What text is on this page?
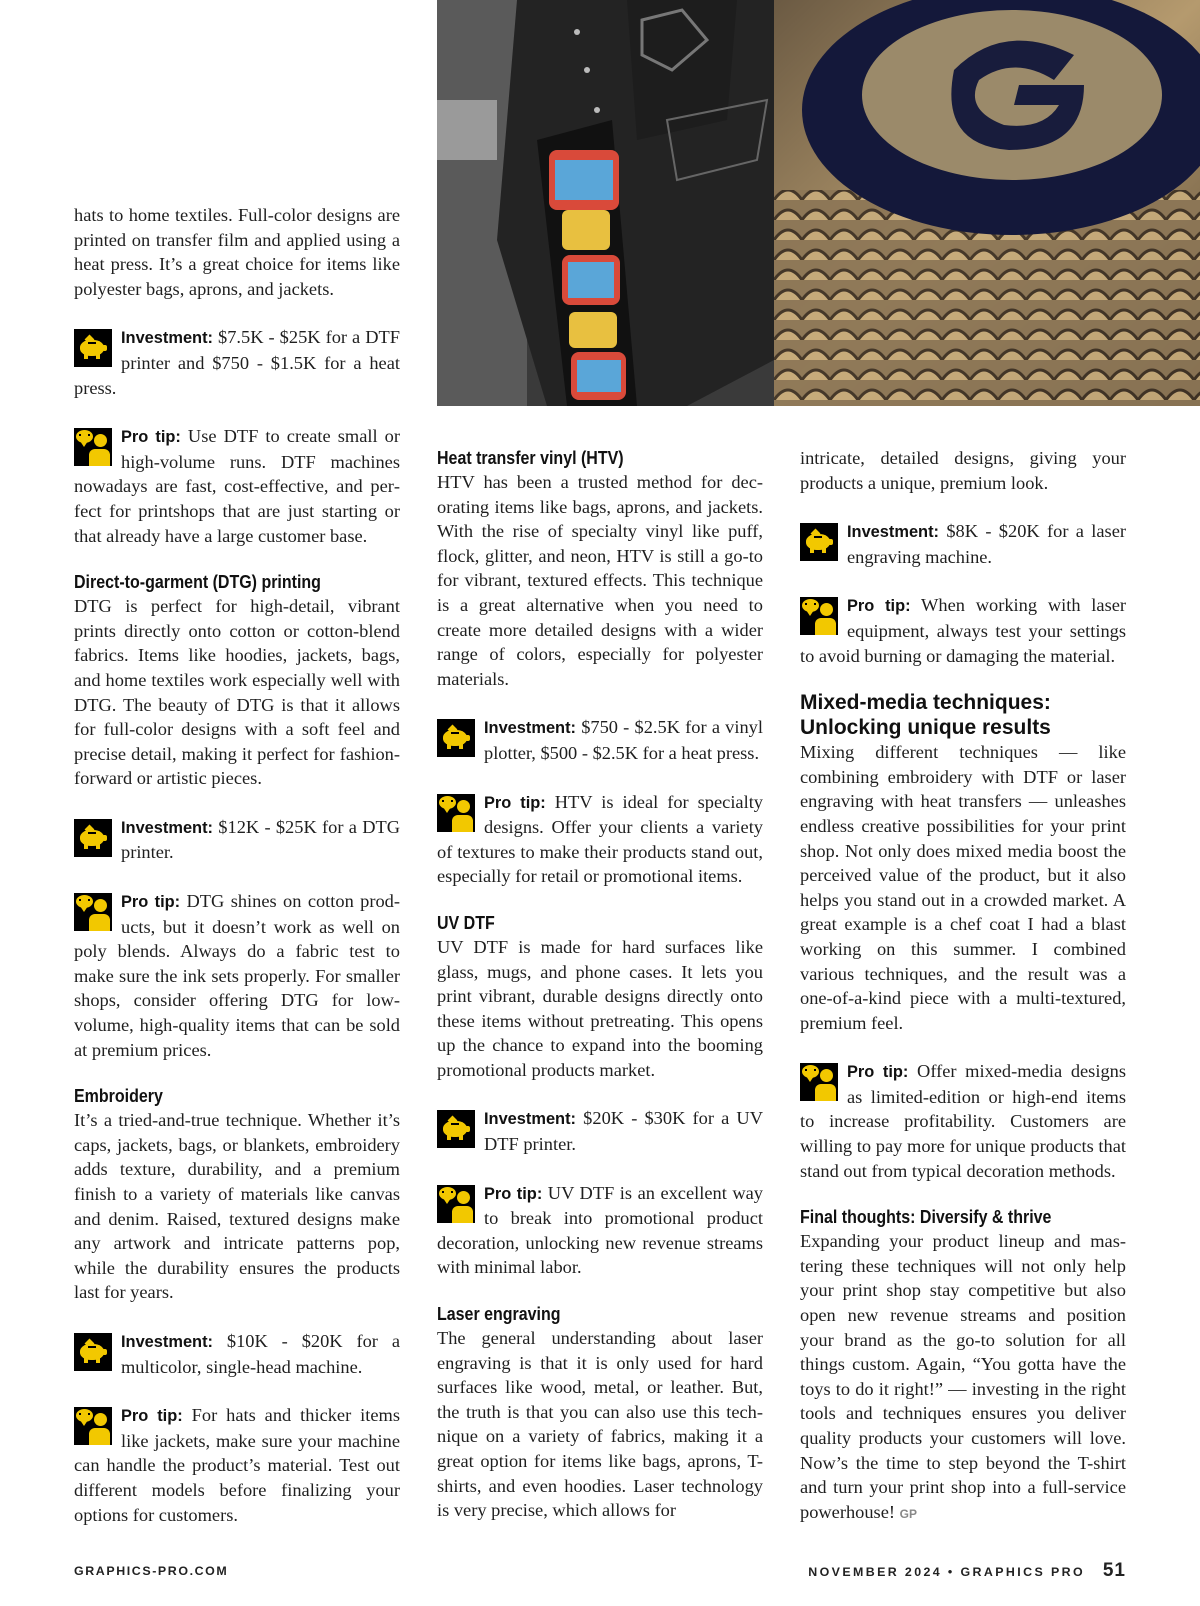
hats to home textiles. Full-color designs are printed on transfer film and applied using a heat press. It’s a great choice for items like polyester bags, aprons, and jackets.

Investment: $7.5K - $25K for a DTF printer and $750 - $1.5K for a heat press.
Pro tip: Use DTF to create small or high-volume runs. DTF machines nowadays are fast, cost-effective, and perfect for printshops that are just starting or that already have a large customer base.
Direct-to-garment (DTG) printing

DTG is perfect for high-detail, vibrant prints directly onto cotton or cotton-blend fabrics. Items like hoodies, jackets, bags, and home textiles work especially well with DTG. The beauty of DTG is that it allows for full-color designs with a soft feel and precise detail, making it perfect for fashion-forward or artistic pieces.

Investment: $12K - $25K for a DTG printer.
Pro tip: DTG shines on cotton products, but it doesn’t work as well on poly blends. Always do a fabric test to make sure the ink sets properly. For smaller shops, consider offering DTG for low-volume, high-quality items that can be sold at premium prices.
Embroidery

It’s a tried-and-true technique. Whether it’s caps, jackets, bags, or blankets, embroidery adds texture, durability, and a premium finish to a variety of materials like canvas and denim. Raised, textured designs make any artwork and intricate patterns pop, while the durability ensures the products last for years.

Investment: $10K - $20K for a multicolor, single-head machine.
Pro tip: For hats and thicker items like jackets, make sure your machine can handle the product’s material. Test out different models before finalizing your options for customers.
Heat transfer vinyl (HTV)

HTV has been a trusted method for decorating items like bags, aprons, and jackets. With the rise of specialty vinyl like puff, flock, glitter, and neon, HTV is still a go-to for vibrant, textured effects. This technique is a great alternative when you need to create more detailed designs with a wider range of colors, especially for polyester materials.

Investment: $750 - $2.5K for a vinyl plotter, $500 - $2.5K for a heat press.
Pro tip: HTV is ideal for specialty designs. Offer your clients a variety of textures to make their products stand out, especially for retail or promotional items.
UV DTF

UV DTF is made for hard surfaces like glass, mugs, and phone cases. It lets you print vibrant, durable designs directly onto these items without pretreating. This opens up the chance to expand into the booming promotional products market.

Investment: $20K - $30K for a UV DTF printer.
Pro tip: UV DTF is an excellent way to break into promotional product decoration, unlocking new revenue streams with minimal labor.
Laser engraving

The general understanding about laser engraving is that it is only used for hard surfaces like wood, metal, or leather. But, the truth is that you can also use this technique on a variety of fabrics, making it a great option for items like bags, aprons, T-shirts, and even hoodies. Laser technology is very precise, which allows for

intricate, detailed designs, giving your products a unique, premium look.

Investment: $8K - $20K for a laser engraving machine.
Pro tip: When working with laser equipment, always test your settings to avoid burning or damaging the material.
Mixed-media techniques:
Unlocking unique results

Mixing different techniques — like combining embroidery with DTF or laser engraving with heat transfers — unleashes endless creative possibilities for your print shop. Not only does mixed media boost the perceived value of the product, but it also helps you stand out in a crowded market. A great example is a chef coat I had a blast working on this summer. I combined various techniques, and the result was a one-of-a-kind piece with a multi-textured, premium feel.

Pro tip: Offer mixed-media designs as limited-edition or high-end items to increase profitability. Customers are willing to pay more for unique products that stand out from typical decoration methods.
Final thoughts: Diversify & thrive

Expanding your product lineup and mastering these techniques will not only help your print shop stay competitive but also open new revenue streams and position your brand as the go-to solution for all things custom. Again, “You gotta have the toys to do it right!” — investing in the right tools and techniques ensures you deliver quality products your customers will love. Now’s the time to step beyond the T-shirt and turn your print shop into a full-service powerhouse! GP

GRAPHICS-PRO.COM	NOVEMBER 2024 • GRAPHICS PRO 51
